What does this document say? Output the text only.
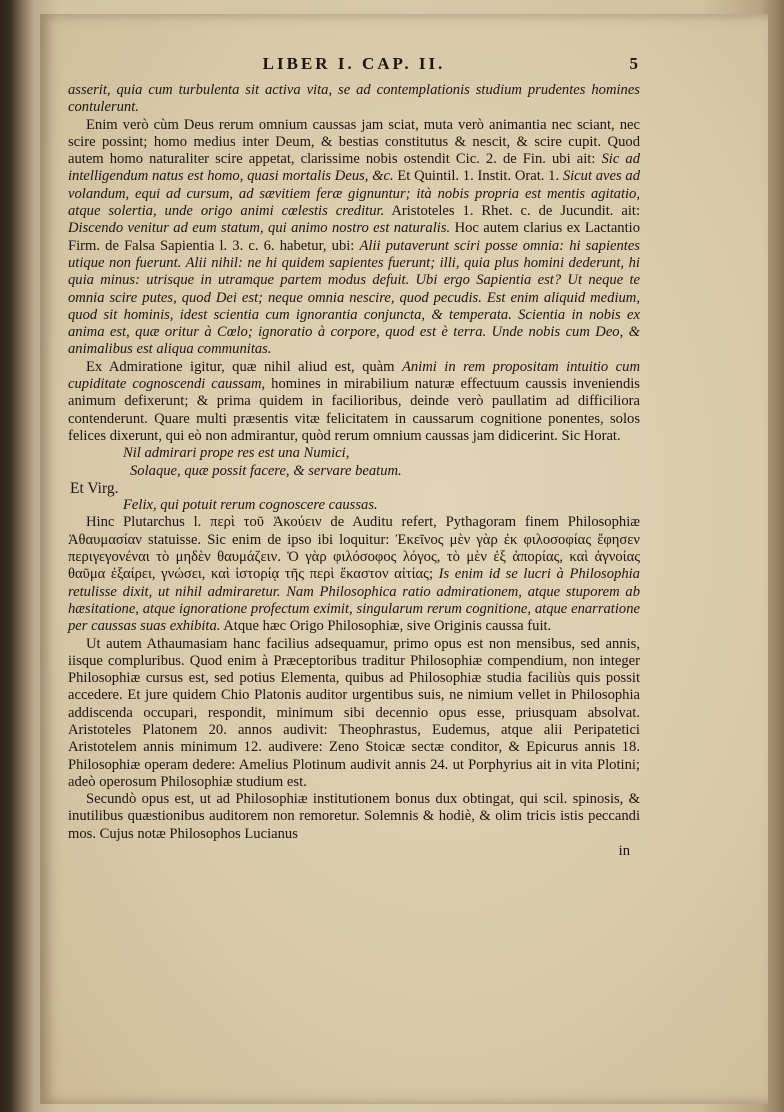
LIBER I. CAP. II.	5

asserit, quia cum turbulenta sit activa vita, se ad contemplationis studium prudentes homines contulerunt.

Enim verò cùm Deus rerum omnium caussas jam sciat, muta verò animantia nec sciant, nec scire possint; homo medius inter Deum, & bestias constitutus & nescit, & scire cupit. Quod autem homo naturaliter scire appetat, clarissime nobis ostendit Cic. 2. de Fin. ubi ait: Sic ad intelligendum natus est homo, quasi mortalis Deus, &c. Et Quintil. 1. Instit. Orat. 1. Sicut aves ad volandum, equi ad cursum, ad sævitiem feræ gignuntur; ità nobis propria est mentis agitatio, atque solertia, unde origo animi cœlestis creditur. Aristoteles 1. Rhet. c. de Jucundit. ait: Discendo venitur ad eum statum, qui animo nostro est naturalis. Hoc autem clarius ex Lactantio Firm. de Falsa Sapientia l. 3. c. 6. habetur, ubi: Alii putaverunt sciri posse omnia: hi sapientes utique non fuerunt. Alii nihil: ne hi quidem sapientes fuerunt; illi, quia plus homini dederunt, hi quia minus: utrisque in utramque partem modus defuit. Ubi ergo Sapientia est? Ut neque te omnia scire putes, quod Dei est; neque omnia nescire, quod pecudis. Est enim aliquid medium, quod sit hominis, idest scientia cum ignorantia conjuncta, & temperata. Scientia in nobis ex anima est, quæ oritur à Cœlo; ignoratio à corpore, quod est è terra. Unde nobis cum Deo, & animalibus est aliqua communitas.

Ex Admiratione igitur, quæ nihil aliud est, quàm Animi in rem propositam intuitio cum cupiditate cognoscendi caussam, homines in mirabilium naturæ effectuum caussis inveniendis animum defixerunt; & prima quidem in facilioribus, deinde verò paullatim ad difficiliora contenderunt. Quare multi præsentis vitæ felicitatem in caussarum cognitione ponentes, solos felices dixerunt, qui eò non admirantur, quòd rerum omnium caussas jam didicerint. Sic Horat.

Nil admirari prope res est una Numici,

Solaque, quæ possit facere, & servare beatum.

Et Virg.

Felix, qui potuit rerum cognoscere caussas.

Hinc Plutarchus l. περὶ τοῦ Ἀκούειν de Auditu refert, Pythagoram finem Philosophiæ Ἀθαυμασίαν statuisse. Sic enim de ipso ibi loquitur: Ἐκεῖνος μὲν γὰρ ἐκ φιλοσοφίας ἔφησεν περιγεγονέναι τὸ μηδὲν θαυμάζειν. Ὁ γὰρ φιλόσοφος λόγος, τὸ μὲν ἐξ ἀπορίας, καὶ ἀγνοίας θαῦμα ἐξαίρει, γνώσει, καὶ ἱστορίᾳ τῆς περὶ ἕκαστον αἰτίας; Is enim id se lucri à Philosophia retulisse dixit, ut nihil admiraretur. Nam Philosophica ratio admirationem, atque stuporem ab hæsitatione, atque ignoratione profectum eximit, singularum rerum cognitione, atque enarratione per caussas suas exhibita. Atque hæc Origo Philosophiæ, sive Originis caussa fuit.

Ut autem Athaumasiam hanc facilius adsequamur, primo opus est non mensibus, sed annis, iisque compluribus. Quod enim à Præceptoribus traditur Philosophiæ compendium, non integer Philosophiæ cursus est, sed potius Elementa, quibus ad Philosophiæ studia faciliùs quis possit accedere. Et jure quidem Chio Platonis auditor urgentibus suis, ne nimium vellet in Philosophia addiscenda occupari, respondit, minimum sibi decennio opus esse, priusquam absolvat. Aristoteles Platonem 20. annos audivit: Theophrastus, Eudemus, atque alii Peripatetici Aristotelem annis minimum 12. audivere: Zeno Stoicæ sectæ conditor, & Epicurus annis 18. Philosophiæ operam dedere: Amelius Plotinum audivit annis 24. ut Porphyrius ait in vita Plotini; adeò operosum Philosophiæ studium est.

Secundò opus est, ut ad Philosophiæ institutionem bonus dux obtingat, qui scil. spinosis, & inutilibus quæstionibus auditorem non remoretur. Solemnis & hodiè, & olim tricis istis peccandi mos. Cujus notæ Philosophos Lucianus

in
